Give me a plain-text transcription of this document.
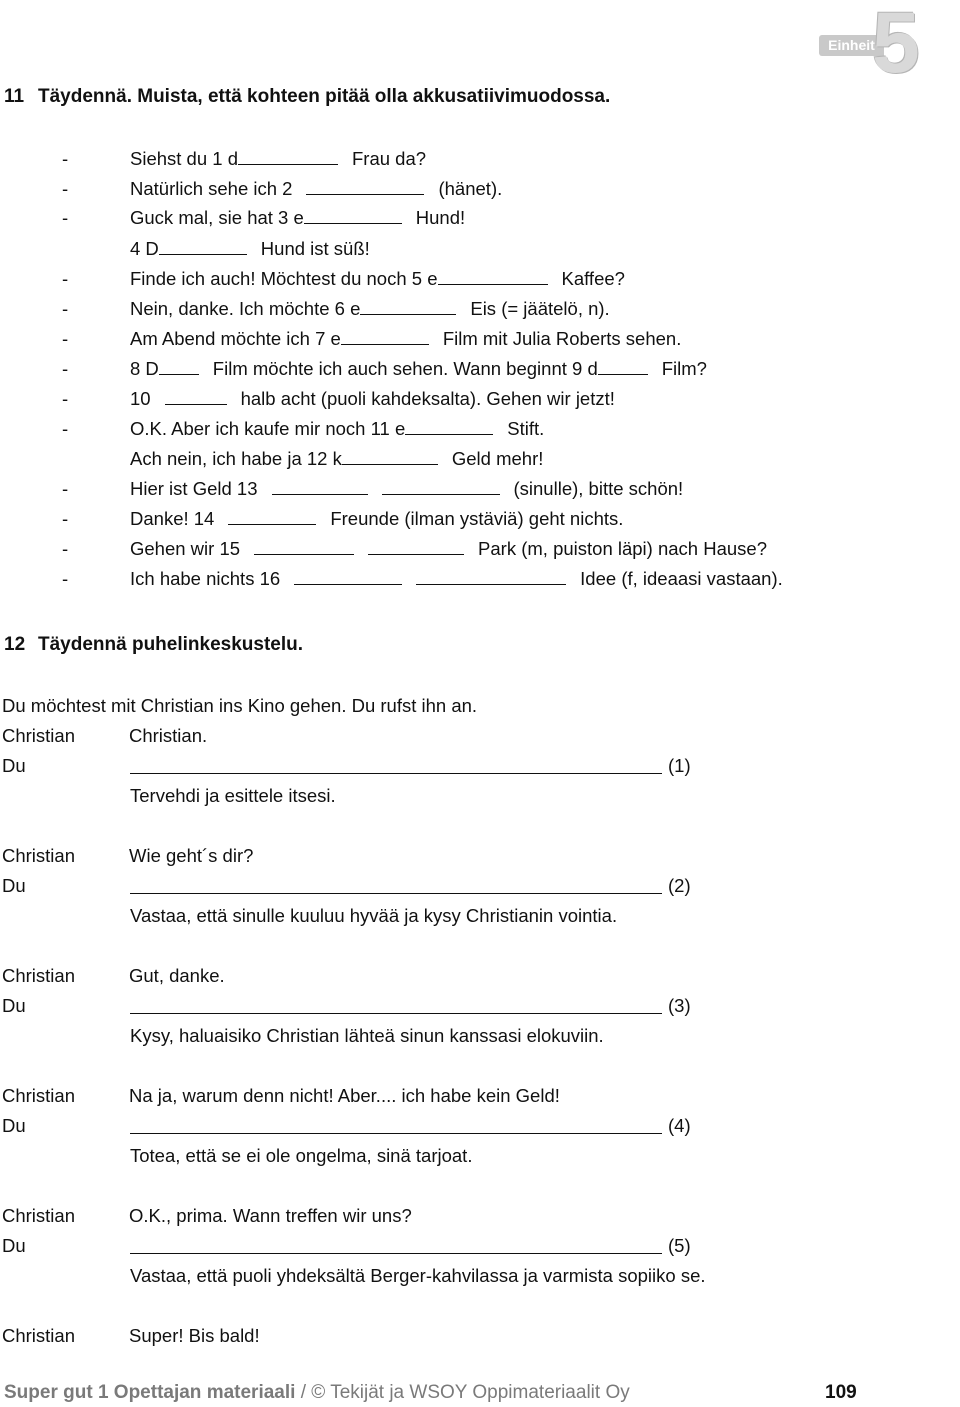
Einheit
5
11 Täydennä. Muista, että kohteen pitää olla akkusatiivimuodossa.
-	Siehst du 1 d	Frau da?
-	Natürlich sehe ich 2	(hänet).
-	Guck mal, sie hat 3 e	Hund!
4 D	Hund ist süß!
-	Finde ich auch! Möchtest du noch 5 e	Kaffee?
-	Nein, danke. Ich möchte 6 e	Eis (= jäätelö, n).
-	Am Abend möchte ich 7 e	Film mit Julia Roberts sehen.
-	8 D	Film möchte ich auch sehen. Wann beginnt 9 d	Film?
-	10	halb acht (puoli kahdeksalta). Gehen wir jetzt!
-	O.K. Aber ich kaufe mir noch 11 e	Stift.
Ach nein, ich habe ja 12 k	Geld mehr!
-	Hier ist Geld 13	(sinulle), bitte schön!
-	Danke! 14	Freunde (ilman ystäviä) geht nichts.
-	Gehen wir 15	Park (m, puiston läpi) nach Hause?
-	Ich habe nichts 16	Idee (f, ideaasi vastaan).
12 Täydennä puhelinkeskustelu.
Du möchtest mit Christian ins Kino gehen. Du rufst ihn an.
Christian	Christian.
Du	(1)
Tervehdi ja esittele itsesi.
Christian	Wie geht´s dir?
Du	(2)
Vastaa, että sinulle kuuluu hyvää ja kysy Christianin vointia.
Christian	Gut, danke.
Du	(3)
Kysy, haluaisiko Christian lähteä sinun kanssasi elokuviin.
Christian	Na ja, warum denn nicht! Aber.... ich habe kein Geld!
Du	(4)
Totea, että se ei ole ongelma, sinä tarjoat.
Christian	O.K., prima. Wann treffen wir uns?
Du	(5)
Vastaa, että puoli yhdeksältä Berger-kahvilassa ja varmista sopiiko se.
Christian	Super! Bis bald!
Super gut 1 Opettajan materiaali / © Tekijät ja WSOY Oppimateriaalit Oy	109
